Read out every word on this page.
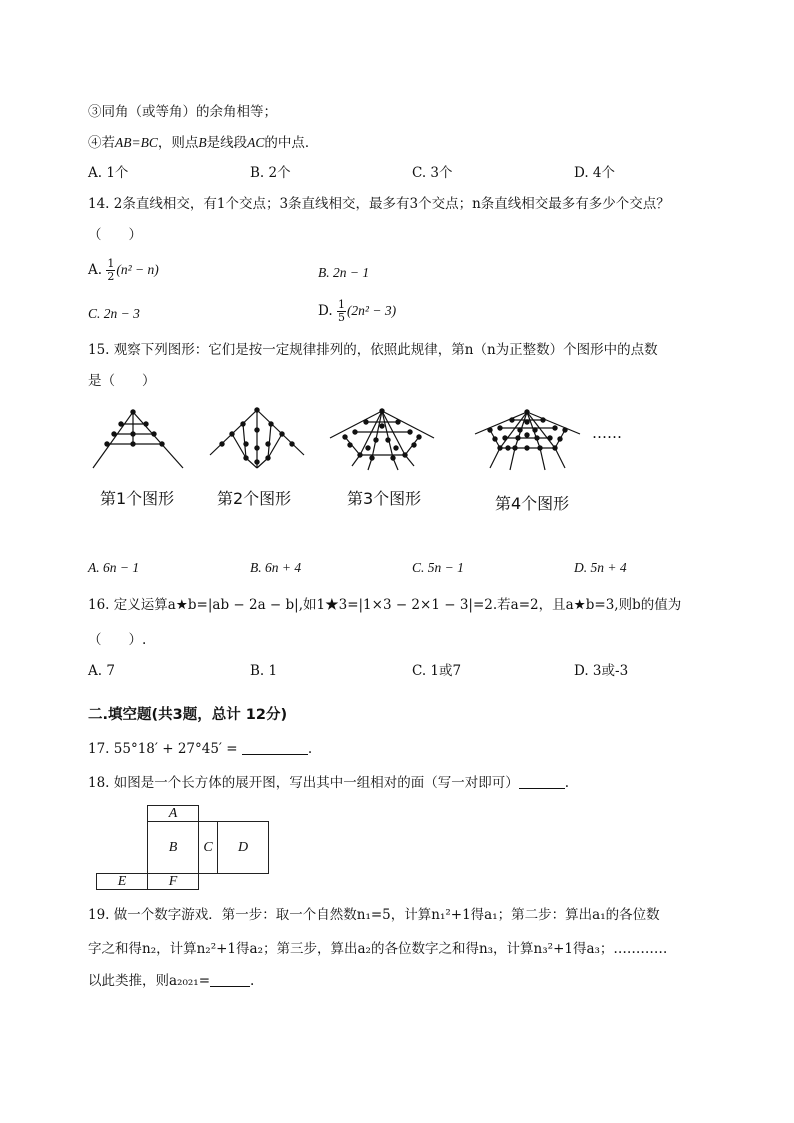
③同角（或等角）的余角相等；
④若AB=BC，则点B是线段AC的中点．
A. 1个	B. 2个	C. 3个	D. 4个
14. 2条直线相交，有1个交点；3条直线相交，最多有3个交点；n条直线相交最多有多少个交点？
（　　）
A. $\frac{1}{2} (n^2 - n)$	B. 2n − 1
C. 2n − 3	D. $\frac{1}{5} (2n^2 - 3)$
15. 观察下列图形：它们是按一定规律排列的，依照此规律，第n（n为正整数）个图形中的点数
是（　　）
……
第1个图形	第2个图形	第3个图形	第4个图形
A. 6n − 1	B. 6n + 4	C. 5n − 1	D. 5n + 4
16. 定义运算a★b=|ab − 2a − b|,如1★3=|1×3 − 2×1 − 3|=2.若a=2，且a★b=3,则b的值为
（　　）.
A. 7	B. 1	C. 1或7	D. 3或-3
二.填空题(共3题，总计 12分)
17. 55°18′ + 27°45′ =	.
18. 如图是一个长方体的展开图，写出其中一组相对的面（写一对即可）	.
A
B	C	D
E	F
19. 做一个数字游戏．第一步：取一个自然数n₁=5，计算n₁²+1得a₁；第二步：算出a₁的各位数
字之和得n₂，计算n₂²+1得a₂；第三步，算出a₂的各位数字之和得n₃，计算n₃²+1得a₃；…………
以此类推，则a₂₀₂₁=	.
